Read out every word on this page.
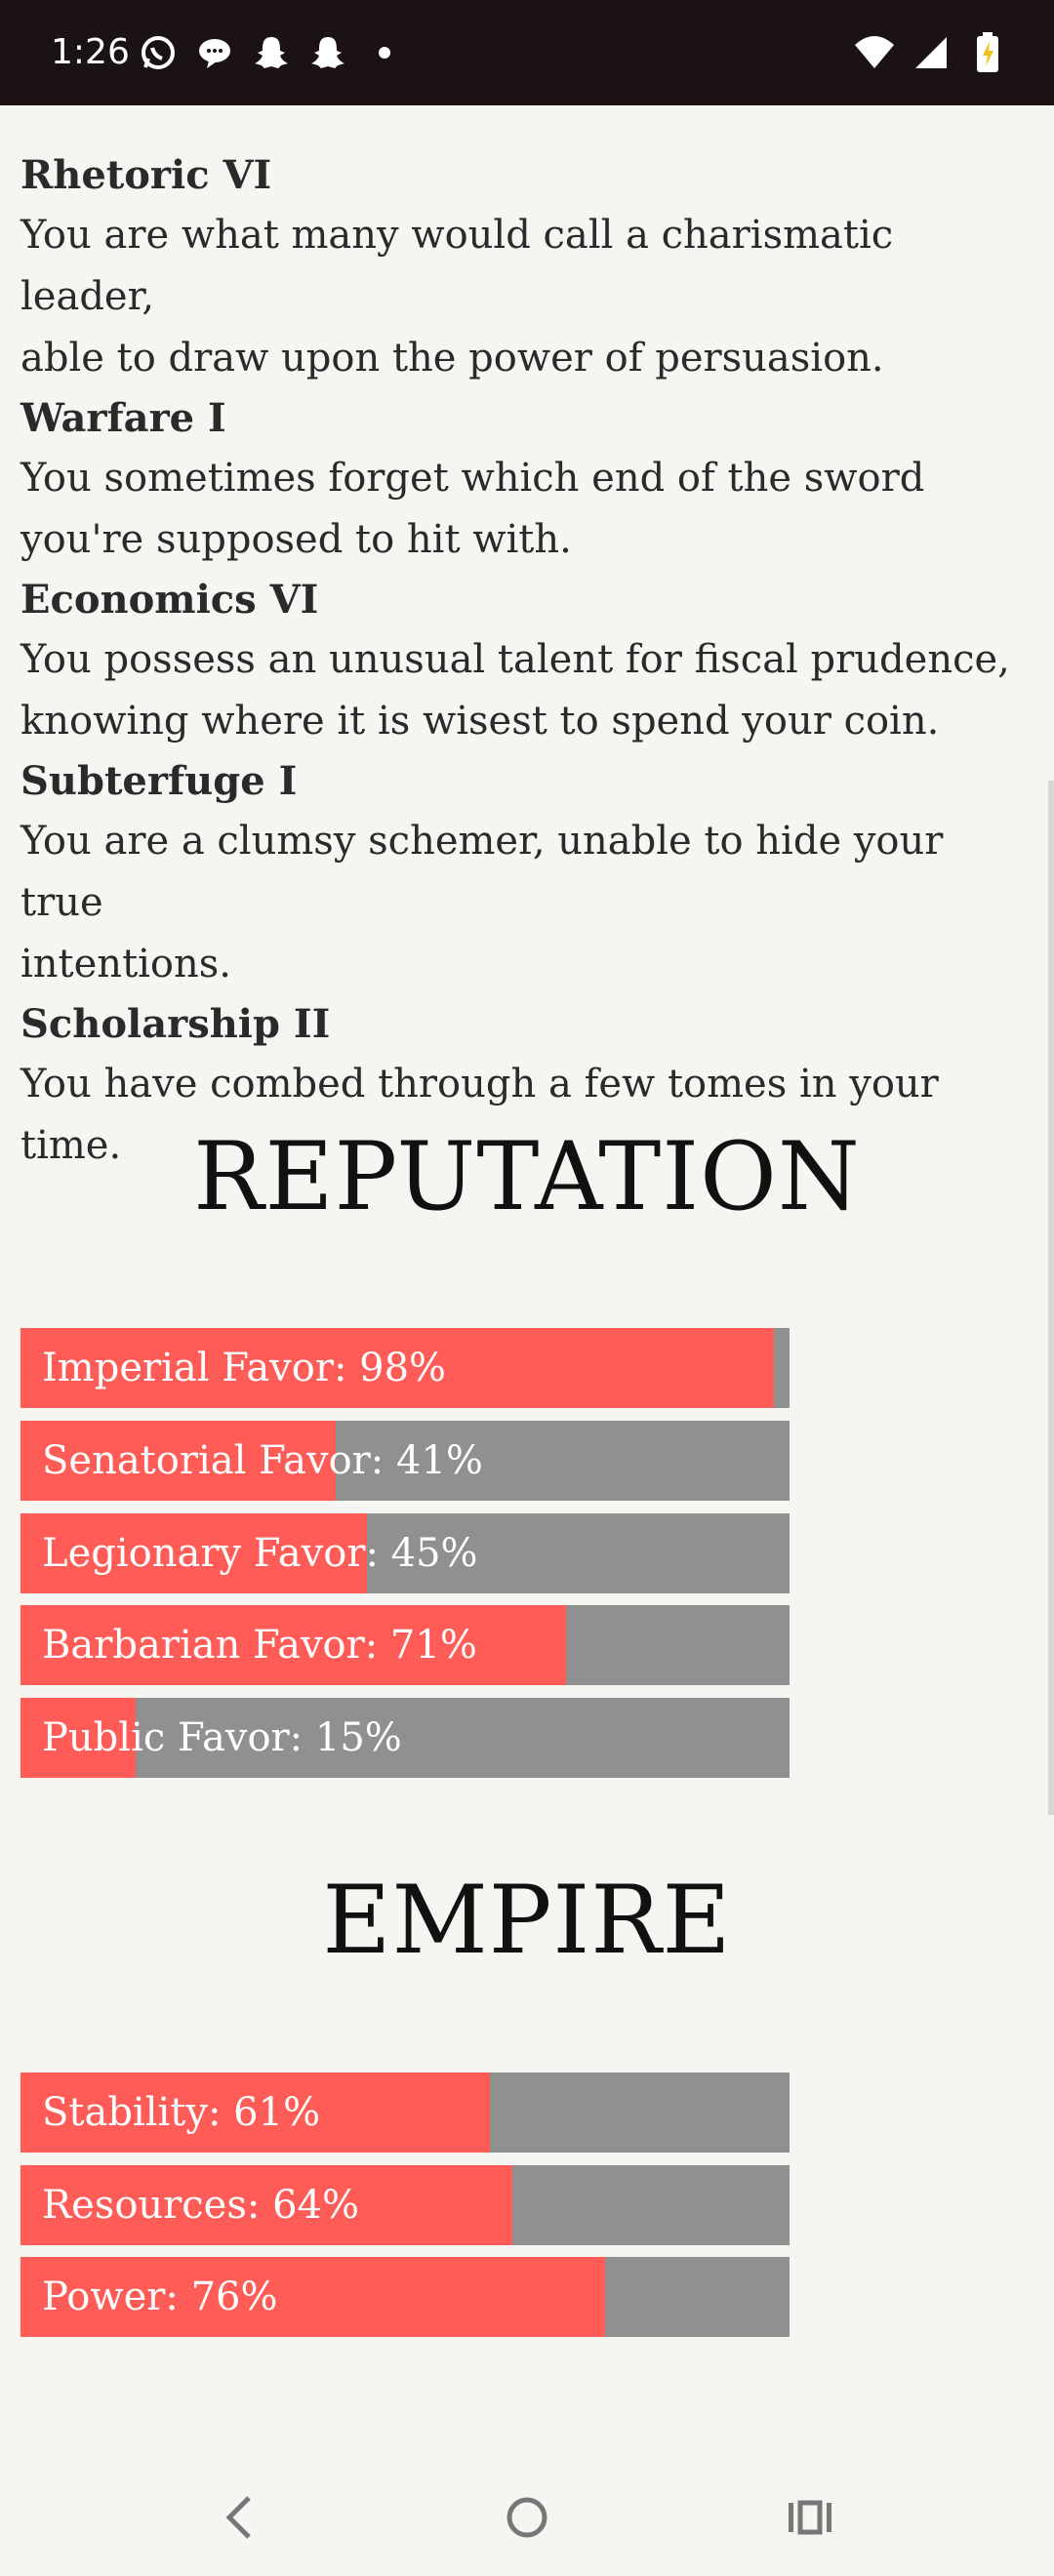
1:26

Rhetoric VI

You are what many would call a charismatic leader,
able to draw upon the power of persuasion.

Warfare I

You sometimes forget which end of the sword
you're supposed to hit with.

Economics VI

You possess an unusual talent for fiscal prudence,
knowing where it is wisest to spend your coin.

Subterfuge I

You are a clumsy schemer, unable to hide your true
intentions.

Scholarship II

You have combed through a few tomes in your
time. REPUTATION
Imperial Favor: 98%
Senatorial Favor: 41%
Legionary Favor: 45%
Barbarian Favor: 71%
Public Favor: 15%
EMPIRE
Stability: 61%
Resources: 64%
Power: 76%
